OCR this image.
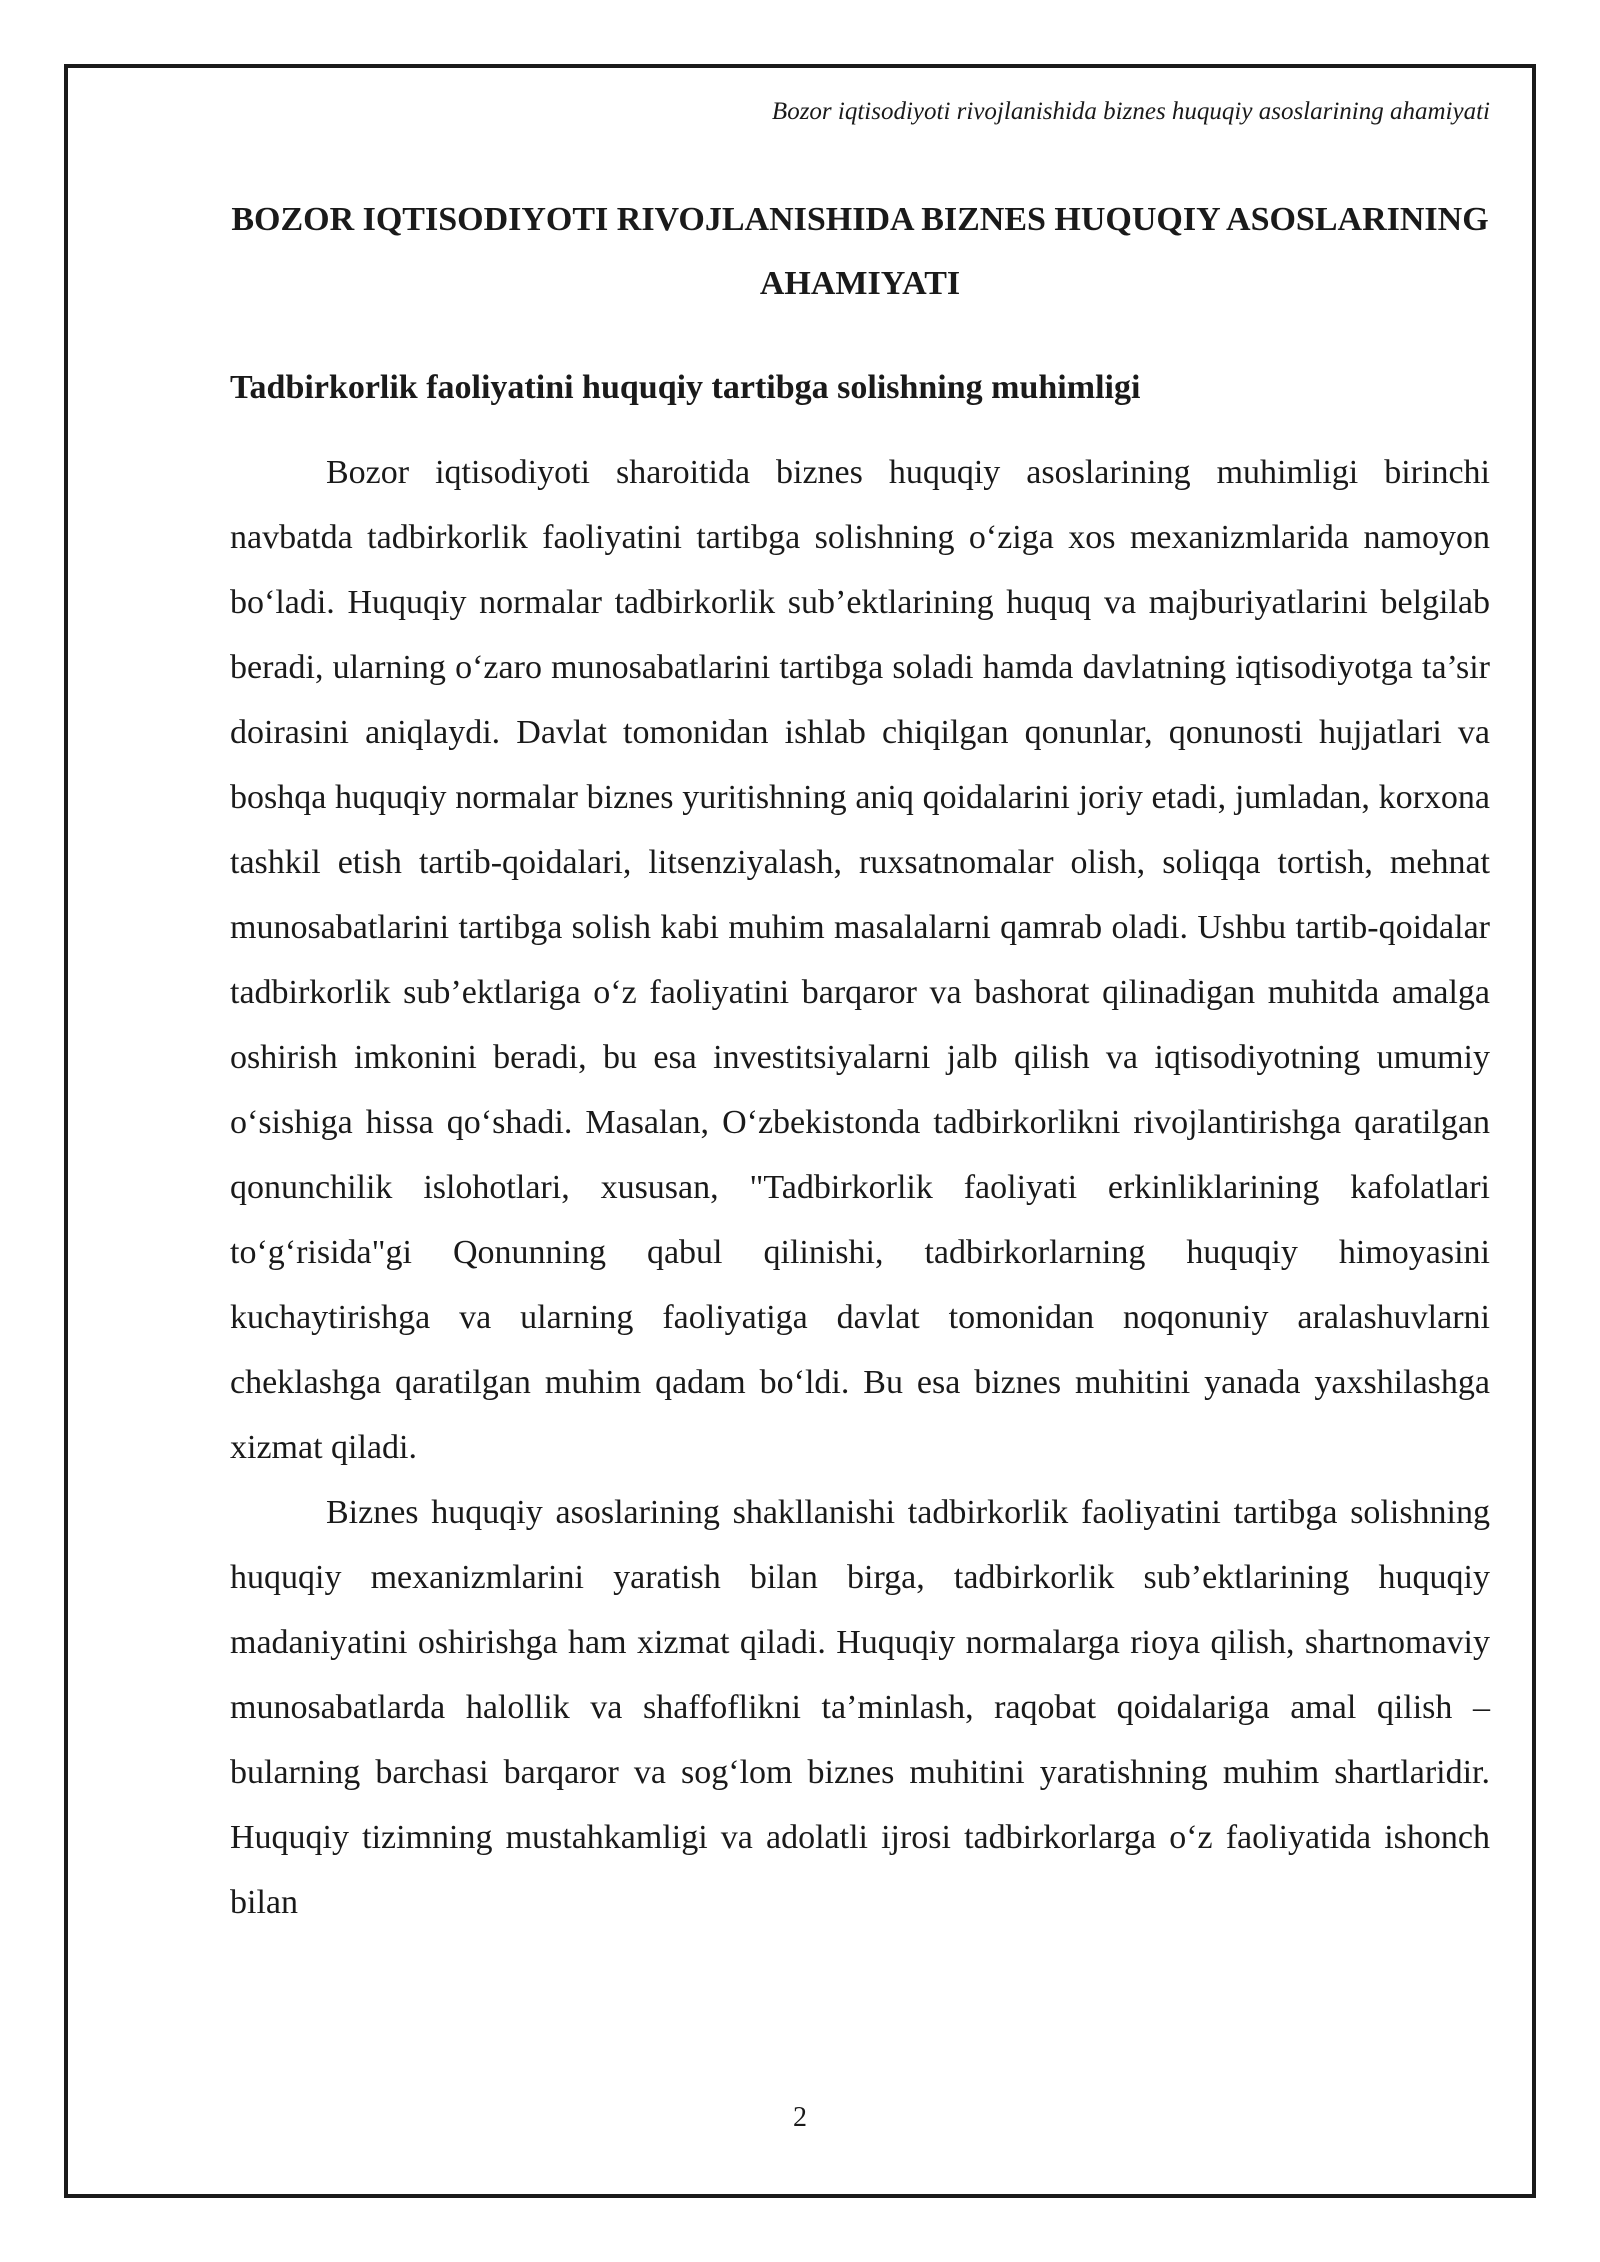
Bozor iqtisodiyoti rivojlanishida biznes huquqiy asoslarining ahamiyati
BOZOR IQTISODIYOTI RIVOJLANISHIDA BIZNES HUQUQIY ASOSLARINING AHAMIYATI
Tadbirkorlik faoliyatini huquqiy tartibga solishning muhimligi

Bozor iqtisodiyoti sharoitida biznes huquqiy asoslarining muhimligi birinchi navbatda tadbirkorlik faoliyatini tartibga solishning o‘ziga xos mexanizmlarida namoyon bo‘ladi. Huquqiy normalar tadbirkorlik sub’ektlarining huquq va majburiyatlarini belgilab beradi, ularning o‘zaro munosabatlarini tartibga soladi hamda davlatning iqtisodiyotga ta’sir doirasini aniqlaydi. Davlat tomonidan ishlab chiqilgan qonunlar, qonunosti hujjatlari va boshqa huquqiy normalar biznes yuritishning aniq qoidalarini joriy etadi, jumladan, korxona tashkil etish tartib-qoidalari, litsenziyalash, ruxsatnomalar olish, soliqqa tortish, mehnat munosabatlarini tartibga solish kabi muhim masalalarni qamrab oladi. Ushbu tartib-qoidalar tadbirkorlik sub’ektlariga o‘z faoliyatini barqaror va bashorat qilinadigan muhitda amalga oshirish imkonini beradi, bu esa investitsiyalarni jalb qilish va iqtisodiyotning umumiy o‘sishiga hissa qo‘shadi. Masalan, O‘zbekistonda tadbirkorlikni rivojlantirishga qaratilgan qonunchilik islohotlari, xususan, "Tadbirkorlik faoliyati erkinliklarining kafolatlari to‘g‘risida"gi Qonunning qabul qilinishi, tadbirkorlarning huquqiy himoyasini kuchaytirishga va ularning faoliyatiga davlat tomonidan noqonuniy aralashuvlarni cheklashga qaratilgan muhim qadam bo‘ldi. Bu esa biznes muhitini yanada yaxshilashga xizmat qiladi.

Biznes huquqiy asoslarining shakllanishi tadbirkorlik faoliyatini tartibga solishning huquqiy mexanizmlarini yaratish bilan birga, tadbirkorlik sub’ektlarining huquqiy madaniyatini oshirishga ham xizmat qiladi. Huquqiy normalarga rioya qilish, shartnomaviy munosabatlarda halollik va shaffoflikni ta’minlash, raqobat qoidalariga amal qilish – bularning barchasi barqaror va sog‘lom biznes muhitini yaratishning muhim shartlaridir. Huquqiy tizimning mustahkamligi va adolatli ijrosi tadbirkorlarga o‘z faoliyatida ishonch bilan

2
